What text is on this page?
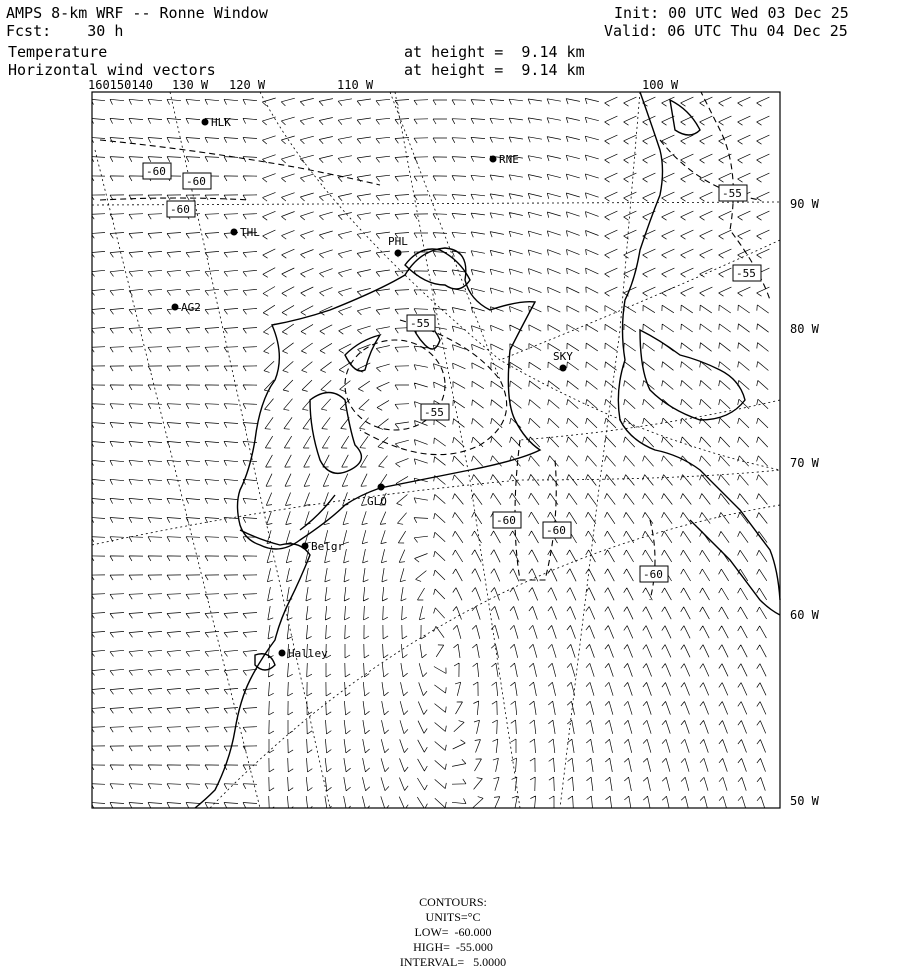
AMPS 8-km WRF -- Ronne Window
Fcst:    30 h
Temperature
Horizontal wind vectors
at height =  9.14 km
at height =  9.14 km
Init: 00 UTC Wed 03 Dec 25
Valid: 06 UTC Thu 04 Dec 25
HLK
RNE
THL
PHL
AG2
SKY
GLO
Belgr
Halley
-60
-60
-60
-55
-55
-55
-55
-60
-60
-60
160150140 130 W 120 W	110 W	100 W
90 W
80 W
70 W
60 W
50 W

CONTOURS:
UNITS=°C
LOW=  -60.000
HIGH=  -55.000
INTERVAL=   5.0000
